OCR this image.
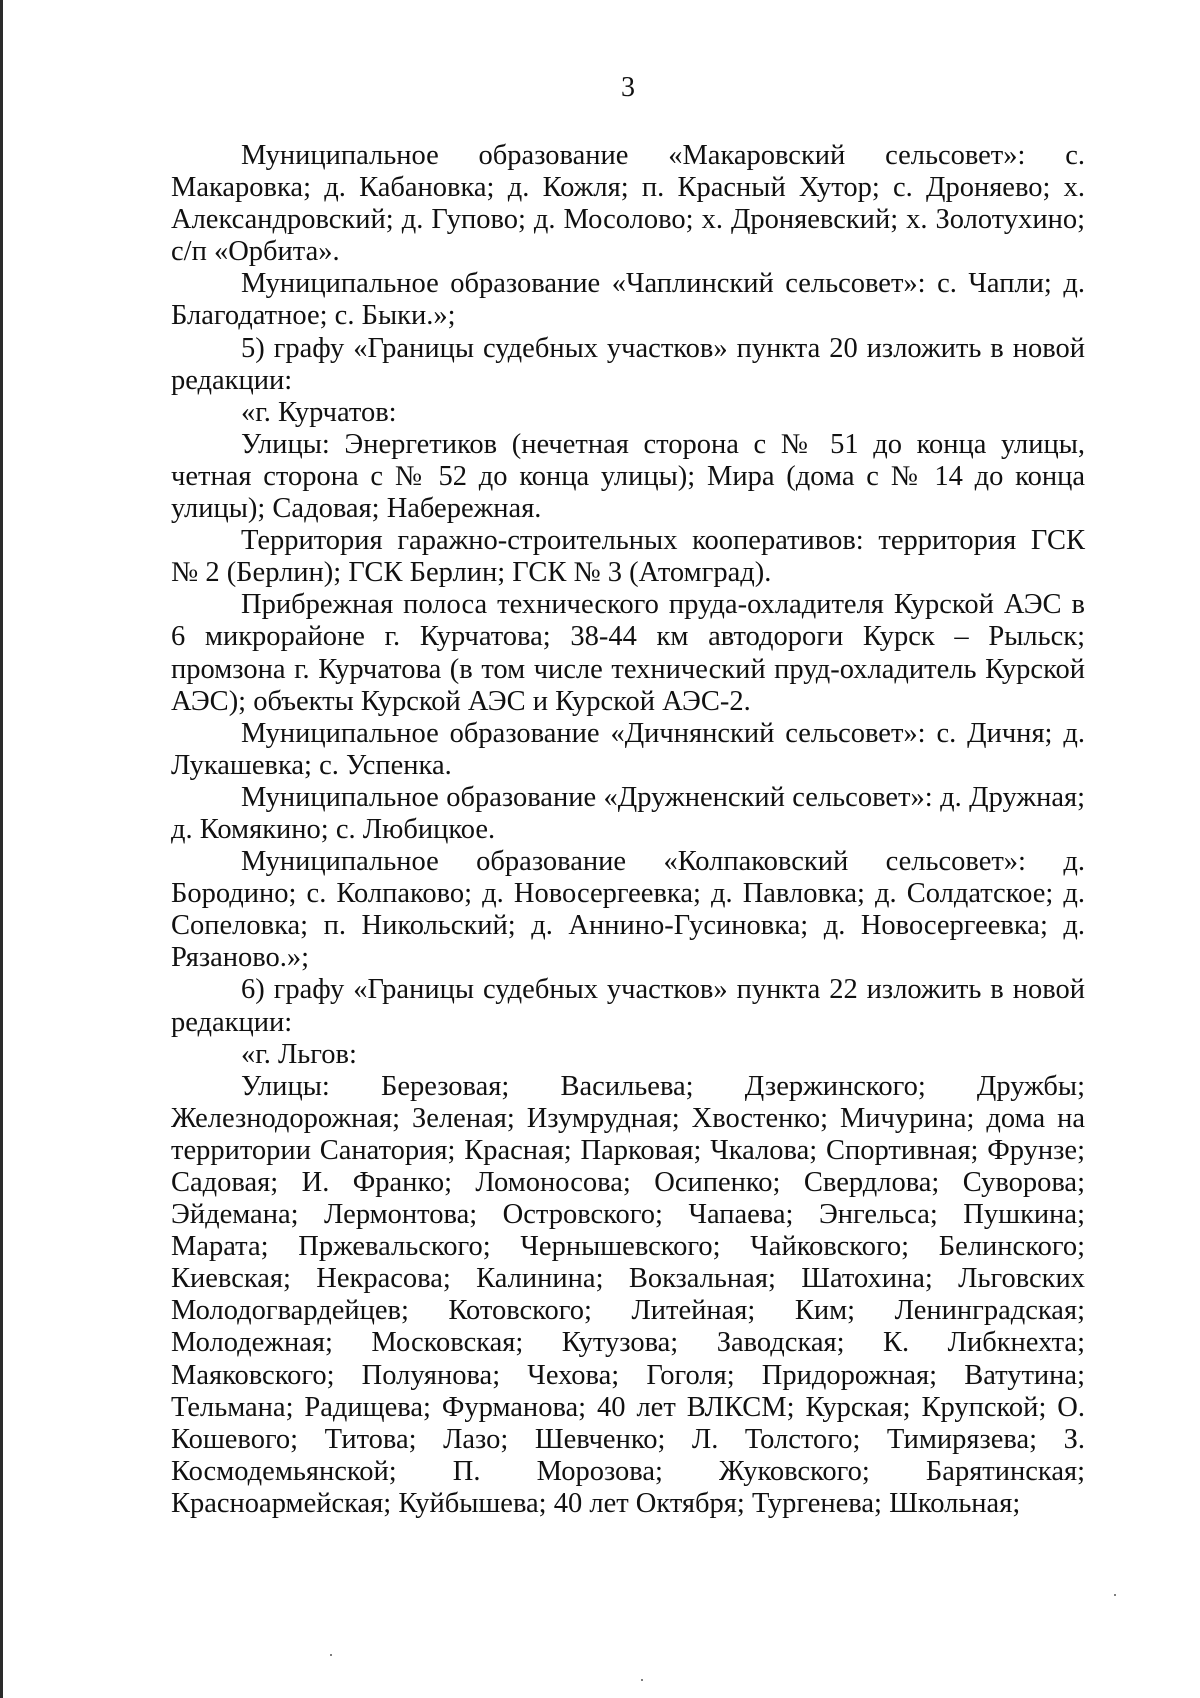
3

Муниципальное образование «Макаровский сельсовет»: с. Макаровка; д. Кабановка; д. Кожля; п. Красный Хутор; с. Дроняево; х. Александровский; д. Гупово; д. Мосолово; х. Дроняевский; х. Золотухино; с/п «Орбита».

Муниципальное образование «Чаплинский сельсовет»: с. Чапли; д. Благодатное; с. Быки.»;

5) графу «Границы судебных участков» пункта 20 изложить в новой редакции:

«г. Курчатов:

Улицы: Энергетиков (нечетная сторона с № 51 до конца улицы, четная сторона с № 52 до конца улицы); Мира (дома с № 14 до конца улицы); Садовая; Набережная.

Территория гаражно-строительных кооперативов: территория ГСК № 2 (Берлин); ГСК Берлин; ГСК № 3 (Атомград).

Прибрежная полоса технического пруда-охладителя Курской АЭС в 6 микрорайоне г. Курчатова; 38-44 км автодороги Курск – Рыльск; промзона г. Курчатова (в том числе технический пруд-охладитель Курской АЭС); объекты Курской АЭС и Курской АЭС-2.

Муниципальное образование «Дичнянский сельсовет»: с. Дичня; д. Лукашевка; с. Успенка.

Муниципальное образование «Дружненский сельсовет»: д. Дружная; д. Комякино; с. Любицкое.

Муниципальное образование «Колпаковский сельсовет»: д. Бородино; с. Колпаково; д. Новосергеевка; д. Павловка; д. Солдатское; д. Сопеловка; п. Никольский; д. Аннино-Гусиновка; д. Новосергеевка; д. Рязаново.»;

6) графу «Границы судебных участков» пункта 22 изложить в новой редакции:

«г. Льгов:

Улицы: Березовая; Васильева; Дзержинского; Дружбы; Железнодорожная; Зеленая; Изумрудная; Хвостенко; Мичурина; дома на территории Санатория; Красная; Парковая; Чкалова; Спортивная; Фрунзе; Садовая; И. Франко; Ломоносова; Осипенко; Свердлова; Суворова; Эйдемана; Лермонтова; Островского; Чапаева; Энгельса; Пушкина; Марата; Пржевальского; Чернышевского; Чайковского; Белинского; Киевская; Некрасова; Калинина; Вокзальная; Шатохина; Льговских Молодогвардейцев; Котовского; Литейная; Ким; Ленинградская; Молодежная; Московская; Кутузова; Заводская; К. Либкнехта; Маяковского; Полуянова; Чехова; Гоголя; Придорожная; Ватутина; Тельмана; Радищева; Фурманова; 40 лет ВЛКСМ; Курская; Крупской; О. Кошевого; Титова; Лазо; Шевченко; Л. Толстого; Тимирязева; З. Космодемьянской; П. Морозова; Жуковского; Барятинская; Красноармейская; Куйбышева; 40 лет Октября; Тургенева; Школьная;
